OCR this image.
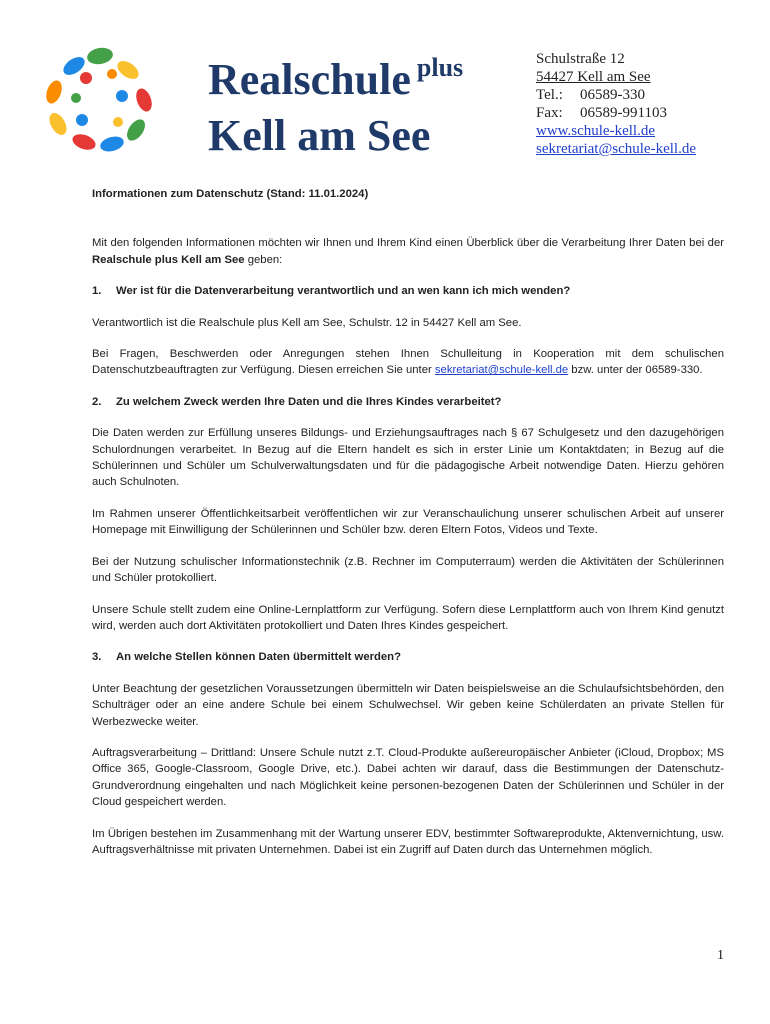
Realschule $^{plus}$
Kell am See
Schulstraße 12
54427 Kell am See
Tel.: 06589-330
Fax: 06589-991103
www.schule-kell.de
sekretariat@schule-kell.de
Informationen zum Datenschutz (Stand: 11.01.2024)

Mit den folgenden Informationen möchten wir Ihnen und Ihrem Kind einen Überblick über die Verarbeitung Ihrer Daten bei der Realschule plus Kell am See geben:

1. Wer ist für die Datenverarbeitung verantwortlich und an wen kann ich mich wenden?

Verantwortlich ist die Realschule plus Kell am See, Schulstr. 12 in 54427 Kell am See.

Bei Fragen, Beschwerden oder Anregungen stehen Ihnen Schulleitung in Kooperation mit dem schulischen Datenschutzbeauftragten zur Verfügung. Diesen erreichen Sie unter sekretariat@schule-kell.de bzw. unter der 06589-330.

2. Zu welchem Zweck werden Ihre Daten und die Ihres Kindes verarbeitet?

Die Daten werden zur Erfüllung unseres Bildungs- und Erziehungsauftrages nach § 67 Schulgesetz und den dazugehörigen Schulordnungen verarbeitet. In Bezug auf die Eltern handelt es sich in erster Linie um Kontaktdaten; in Bezug auf die Schülerinnen und Schüler um Schulverwaltungsdaten und für die pädagogische Arbeit notwendige Daten. Hierzu gehören auch Schulnoten.

Im Rahmen unserer Öffentlichkeitsarbeit veröffentlichen wir zur Veranschaulichung unserer schulischen Arbeit auf unserer Homepage mit Einwilligung der Schülerinnen und Schüler bzw. deren Eltern Fotos, Videos und Texte.

Bei der Nutzung schulischer Informationstechnik (z.B. Rechner im Computerraum) werden die Aktivitäten der Schülerinnen und Schüler protokolliert.

Unsere Schule stellt zudem eine Online-Lernplattform zur Verfügung. Sofern diese Lernplattform auch von Ihrem Kind genutzt wird, werden auch dort Aktivitäten protokolliert und Daten Ihres Kindes gespeichert.

3. An welche Stellen können Daten übermittelt werden?

Unter Beachtung der gesetzlichen Voraussetzungen übermitteln wir Daten beispielsweise an die Schulaufsichtsbehörden, den Schulträger oder an eine andere Schule bei einem Schulwechsel. Wir geben keine Schülerdaten an private Stellen für Werbezwecke weiter.

Auftragsverarbeitung – Drittland: Unsere Schule nutzt z.T. Cloud-Produkte außereuropäischer Anbieter (iCloud, Dropbox; MS Office 365, Google-Classroom, Google Drive, etc.). Dabei achten wir darauf, dass die Bestimmungen der Datenschutz-Grundverordnung eingehalten und nach Möglichkeit keine personen-bezogenen Daten der Schülerinnen und Schüler in der Cloud gespeichert werden.

Im Übrigen bestehen im Zusammenhang mit der Wartung unserer EDV, bestimmter Softwareprodukte, Aktenvernichtung, usw. Auftragsverhältnisse mit privaten Unternehmen. Dabei ist ein Zugriff auf Daten durch das Unternehmen möglich.

1
